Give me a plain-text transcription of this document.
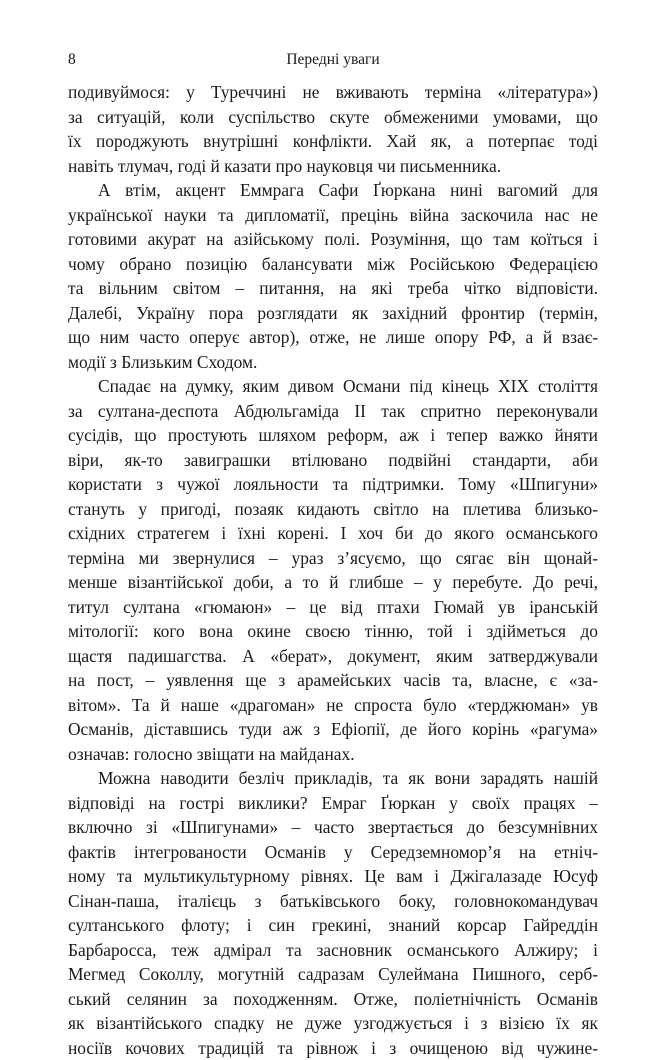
8	Передні уваги

подивуймося: у Туреччині не вживають терміна «література»)
за ситуацій, коли суспільство скуте обмеженими умовами, що
їх породжують внутрішні конфлікти. Хай як, а потерпає тоді
навіть тлумач, годі й казати про науковця чи письменника.

А втім, акцент Еммрага Сафи Ґюркана нині вагомий для
української науки та дипломатії, прецінь війна заскочила нас не
готовими акурат на азійському полі. Розуміння, що там коїться і
чому обрано позицію балансувати між Російською Федерацією
та вільним світом – питання, на які треба чітко відповісти.
Далебі, Україну пора розглядати як західний фронтир (термін,
що ним часто оперує автор), отже, не лише опору РФ, а й взає-
модії з Близьким Сходом.

Спадає на думку, яким дивом Османи під кінець XIX століття
за султана-деспота Абдюльгаміда II так спритно переконували
сусідів, що простують шляхом реформ, аж і тепер важко йняти
віри, як-то завиграшки втілювано подвійні стандарти, аби
користати з чужої лояльности та підтримки. Тому «Шпигуни»
стануть у пригоді, позаяк кидають світло на плетива близько-
східних стратегем і їхні корені. І хоч би до якого османського
терміна ми звернулися – ураз з’ясуємо, що сягає він щонай-
менше візантійської доби, а то й глибше – у перебуте. До речі,
титул султана «гюмаюн» – це від птахи Гюмай ув іранській
мітології: кого вона окине своєю тінню, той і здійметься до
щастя падишагства. А «берат», документ, яким затверджували
на пост, – уявлення ще з арамейських часів та, власне, є «за-
вітом». Та й наше «драгоман» не спроста було «терджюман» ув
Османів, діставшись туди аж з Ефіопії, де його корінь «рагума»
означав: голосно звіщати на майданах.

Можна наводити безліч прикладів, та як вони зарадять нашій
відповіді на гострі виклики? Емраг Ґюркан у своїх працях –
включно зі «Шпигунами» – часто звертається до безсумнівних
фактів інтегрованости Османів у Середземномор’я на етніч-
ному та мультикультурному рівнях. Це вам і Джігалазаде Юсуф
Сінан-паша, італієць з батьківського боку, головнокомандувач
султанського флоту; і син грекині, знаний корсар Гайреддін
Барбаросса, теж адмірал та засновник османського Алжиру; і
Мегмед Соколлу, могутній садразам Сулеймана Пишного, серб-
ський селянин за походженням. Отже, поліетнічність Османів
як візантійського спадку не дуже узгоджується і з візією їх як
носіїв кочових традицій та рівнож і з очищеною від чужине-
